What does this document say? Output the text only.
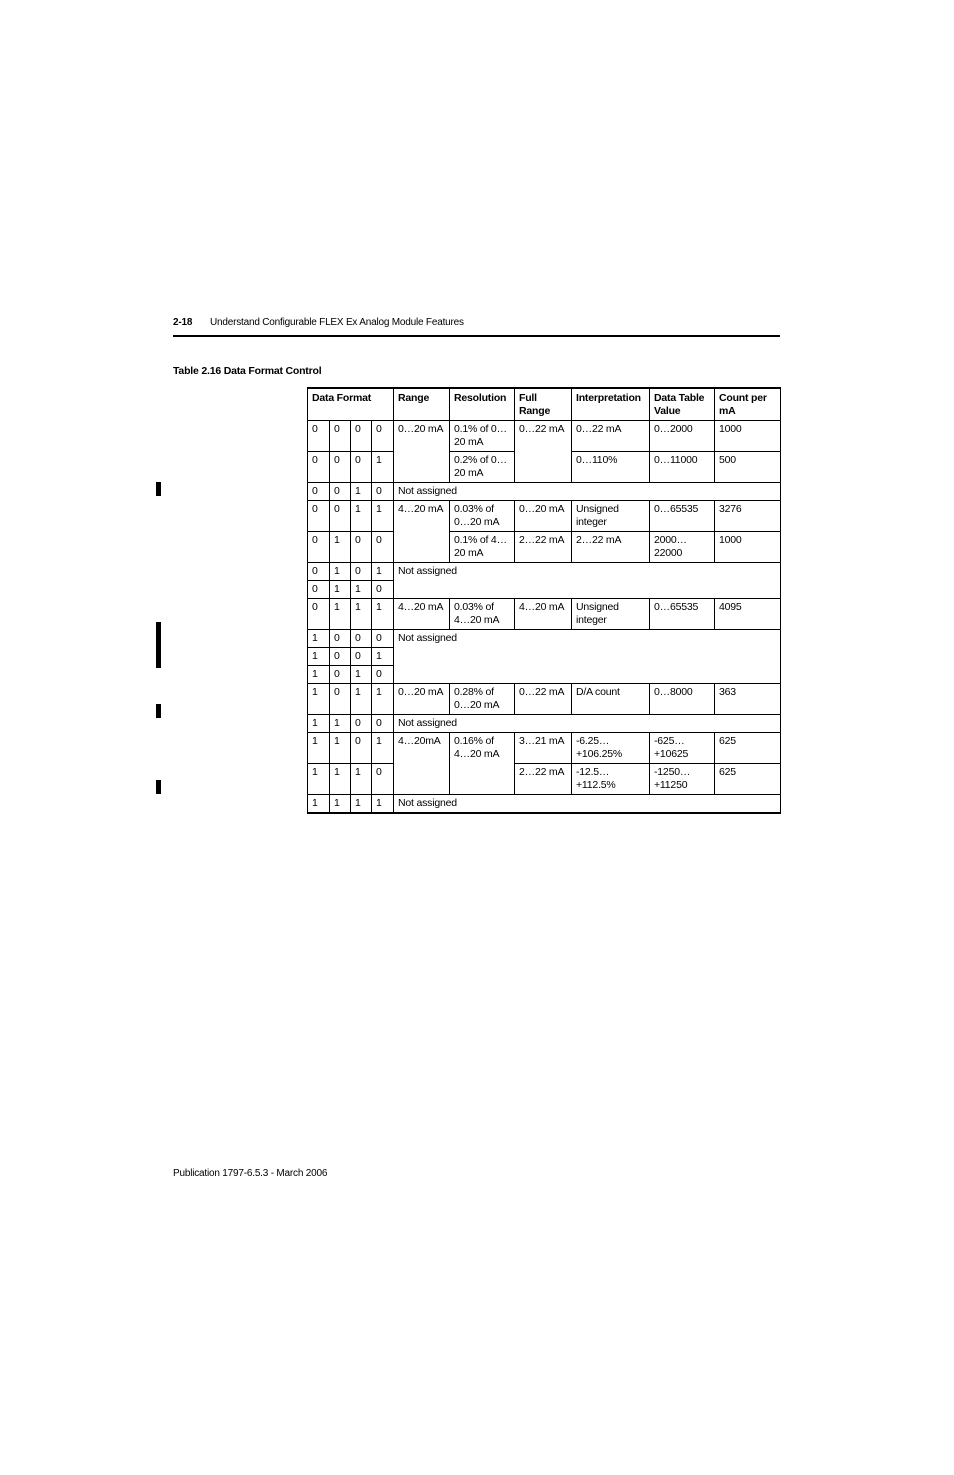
2-18 Understand Configurable FLEX Ex Analog Module Features
Table 2.16 Data Format Control
Data Format				Range	Resolution	Full Range	Interpretation	Data Table Value	Count per mA
0	0	0	0	0…20 mA	0.1% of 0…20 mA	0…22 mA	0…22 mA	0…2000	1000
0	0	0	1		0.2% of 0…20 mA		0…110%	0…11000	500
0	0	1	0	Not assigned					
0	0	1	1	4…20 mA	0.03% of 0…20 mA	0…20 mA	Unsigned integer	0…65535	3276
0	1	0	0		0.1% of 4…20 mA	2…22 mA	2…22 mA	2000… 22000	1000
0	1	0	1	Not assigned					
0	1	1	0						
0	1	1	1	4…20 mA	0.03% of 4…20 mA	4…20 mA	Unsigned integer	0…65535	4095
1	0	0	0	Not assigned					
1	0	0	1						
1	0	1	0						
1	0	1	1	0…20 mA	0.28% of 0…20 mA	0…22 mA	D/A count	0…8000	363
1	1	0	0	Not assigned					
1	1	0	1	4…20mA	0.16% of 4…20 mA	3…21 mA	-6.25… +106.25%	-625… +10625	625
1	1	1	0			2…22 mA	-12.5… +112.5%	-1250… +11250	625
1	1	1	1	Not assigned					
Publication 1797-6.5.3 - March 2006
